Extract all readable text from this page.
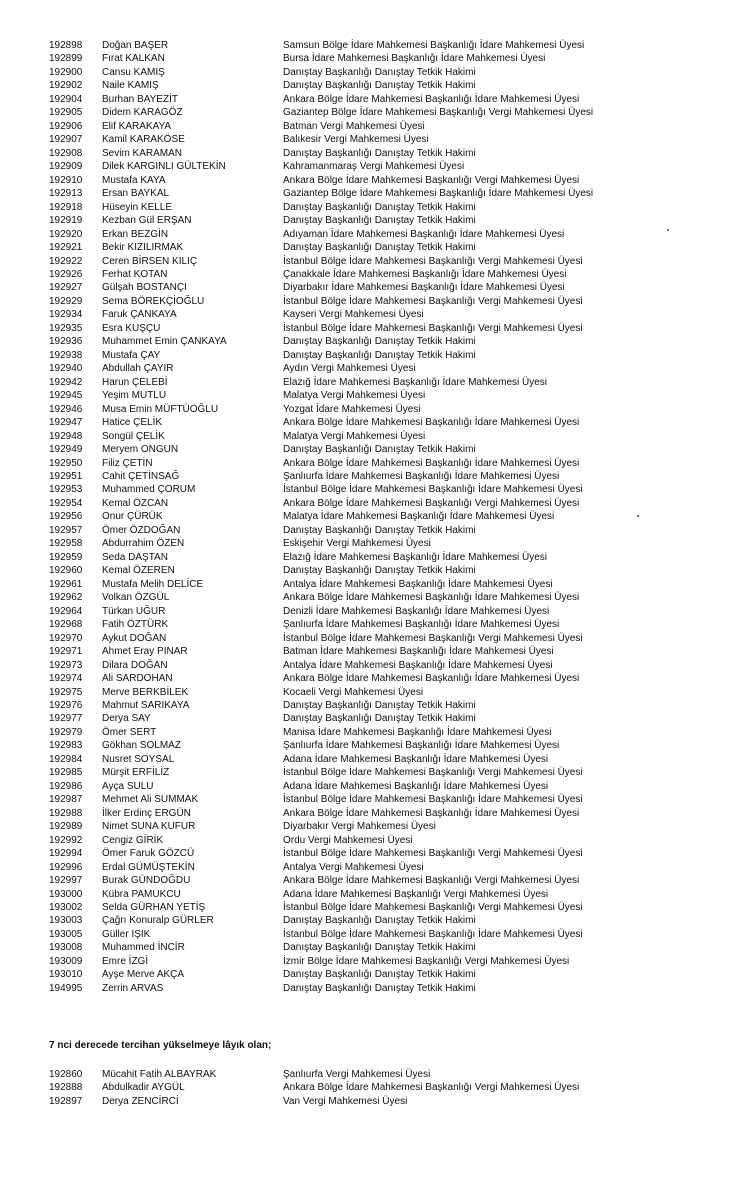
192898 Doğan BAŞER	Samsun Bölge İdare Mahkemesi Başkanlığı İdare Mahkemesi Üyesi
192899 Fırat KALKAN	Bursa İdare Mahkemesi Başkanlığı İdare Mahkemesi Üyesi
192900 Cansu KAMIŞ	Danıştay Başkanlığı Danıştay Tetkik Hakimi
192902 Naile KAMIŞ	Danıştay Başkanlığı Danıştay Tetkik Hakimi
192904 Burhan BAYEZİT	Ankara Bölge İdare Mahkemesi Başkanlığı İdare Mahkemesi Üyesi
192905 Didem KARAGÖZ	Gaziantep Bölge İdare Mahkemesi Başkanlığı Vergi Mahkemesi Üyesi
192906 Elif KARAKAYA	Batman Vergi Mahkemesi Üyesi
192907 Kamil KARAKÖSE	Balıkesir Vergi Mahkemesi Üyesi
192908 Sevim KARAMAN	Danıştay Başkanlığı Danıştay Tetkik Hakimi
192909 Dilek KARGINLI GÜLTEKİN	Kahramanmaraş Vergi Mahkemesi Üyesi
192910 Mustafa KAYA	Ankara Bölge İdare Mahkemesi Başkanlığı Vergi Mahkemesi Üyesi
192913 Ersan BAYKAL	Gaziantep Bölge İdare Mahkemesi Başkanlığı İdare Mahkemesi Üyesi
192918 Hüseyin KELLE	Danıştay Başkanlığı Danıştay Tetkik Hakimi
192919 Kezban Gül ERŞAN	Danıştay Başkanlığı Danıştay Tetkik Hakimi
192920 Erkan BEZGİN	Adıyaman İdare Mahkemesi Başkanlığı İdare Mahkemesi Üyesi
192921 Bekir KIZILIRMAK	Danıştay Başkanlığı Danıştay Tetkik Hakimi
192922 Ceren BİRSEN KILIÇ	İstanbul Bölge İdare Mahkemesi Başkanlığı Vergi Mahkemesi Üyesi
192926 Ferhat KOTAN	Çanakkale İdare Mahkemesi Başkanlığı İdare Mahkemesi Üyesi
192927 Gülşah BOSTANÇI	Diyarbakır İdare Mahkemesi Başkanlığı İdare Mahkemesi Üyesi
192929 Sema BÖREKÇİOĞLU	İstanbul Bölge İdare Mahkemesi Başkanlığı Vergi Mahkemesi Üyesi
192934 Faruk ÇANKAYA	Kayseri Vergi Mahkemesi Üyesi
192935 Esra KUŞÇU	İstanbul Bölge İdare Mahkemesi Başkanlığı Vergi Mahkemesi Üyesi
192936 Muhammet Emin ÇANKAYA	Danıştay Başkanlığı Danıştay Tetkik Hakimi
192938 Mustafa ÇAY	Danıştay Başkanlığı Danıştay Tetkik Hakimi
192940 Abdullah ÇAYIR	Aydın Vergi Mahkemesi Üyesi
192942 Harun ÇELEBİ	Elazığ İdare Mahkemesi Başkanlığı İdare Mahkemesi Üyesi
192945 Yeşim MUTLU	Malatya Vergi Mahkemesi Üyesi
192946 Musa Emin MÜFTÜOĞLU	Yozgat İdare Mahkemesi Üyesi
192947 Hatice ÇELİK	Ankara Bölge İdare Mahkemesi Başkanlığı İdare Mahkemesi Üyesi
192948 Songül ÇELİK	Malatya Vergi Mahkemesi Üyesi
192949 Meryem ONGUN	Danıştay Başkanlığı Danıştay Tetkik Hakimi
192950 Filiz ÇETİN	Ankara Bölge İdare Mahkemesi Başkanlığı İdare Mahkemesi Üyesi
192951 Cahit ÇETİNSAĞ	Şanlıurfa İdare Mahkemesi Başkanlığı İdare Mahkemesi Üyesi
192953 Muhammed ÇORUM	İstanbul Bölge İdare Mahkemesi Başkanlığı İdare Mahkemesi Üyesi
192954 Kemal ÖZCAN	Ankara Bölge İdare Mahkemesi Başkanlığı Vergi Mahkemesi Üyesi
192956 Onur ÇÜRÜK	Malatya İdare Mahkemesi Başkanlığı İdare Mahkemesi Üyesi
192957 Ömer ÖZDOĞAN	Danıştay Başkanlığı Danıştay Tetkik Hakimi
192958 Abdurrahim ÖZEN	Eskişehir Vergi Mahkemesi Üyesi
192959 Seda DAŞTAN	Elazığ İdare Mahkemesi Başkanlığı İdare Mahkemesi Üyesi
192960 Kemal ÖZEREN	Danıştay Başkanlığı Danıştay Tetkik Hakimi
192961 Mustafa Melih DELİCE	Antalya İdare Mahkemesi Başkanlığı İdare Mahkemesi Üyesi
192962 Volkan ÖZGÜL	Ankara Bölge İdare Mahkemesi Başkanlığı İdare Mahkemesi Üyesi
192964 Türkan UĞUR	Denizli İdare Mahkemesi Başkanlığı İdare Mahkemesi Üyesi
192968 Fatih ÖZTÜRK	Şanlıurfa İdare Mahkemesi Başkanlığı İdare Mahkemesi Üyesi
192970 Aykut DOĞAN	İstanbul Bölge İdare Mahkemesi Başkanlığı Vergi Mahkemesi Üyesi
192971 Ahmet Eray PINAR	Batman İdare Mahkemesi Başkanlığı İdare Mahkemesi Üyesi
192973 Dilara DOĞAN	Antalya İdare Mahkemesi Başkanlığı İdare Mahkemesi Üyesi
192974 Ali SARDOHAN	Ankara Bölge İdare Mahkemesi Başkanlığı İdare Mahkemesi Üyesi
192975 Merve BERKBİLEK	Kocaeli Vergi Mahkemesi Üyesi
192976 Mahmut SARIKAYA	Danıştay Başkanlığı Danıştay Tetkik Hakimi
192977 Derya SAY	Danıştay Başkanlığı Danıştay Tetkik Hakimi
192979 Ömer SERT	Manisa İdare Mahkemesi Başkanlığı İdare Mahkemesi Üyesi
192983 Gökhan SOLMAZ	Şanlıurfa İdare Mahkemesi Başkanlığı İdare Mahkemesi Üyesi
192984 Nusret SOYSAL	Adana İdare Mahkemesi Başkanlığı İdare Mahkemesi Üyesi
192985 Mürşit ERFİLİZ	İstanbul Bölge İdare Mahkemesi Başkanlığı Vergi Mahkemesi Üyesi
192986 Ayça SULU	Adana İdare Mahkemesi Başkanlığı İdare Mahkemesi Üyesi
192987 Mehmet Ali SUMMAK	İstanbul Bölge İdare Mahkemesi Başkanlığı İdare Mahkemesi Üyesi
192988 İlker Erdinç ERGÜN	Ankara Bölge İdare Mahkemesi Başkanlığı İdare Mahkemesi Üyesi
192989 Nimet SUNA KUFUR	Diyarbakır Vergi Mahkemesi Üyesi
192992 Cengiz GİRİK	Ordu Vergi Mahkemesi Üyesi
192994 Ömer Faruk GÖZCÜ	İstanbul Bölge İdare Mahkemesi Başkanlığı Vergi Mahkemesi Üyesi
192996 Erdal GÜMÜŞTEKİN	Antalya Vergi Mahkemesi Üyesi
192997 Burak GÜNDOĞDU	Ankara Bölge İdare Mahkemesi Başkanlığı Vergi Mahkemesi Üyesi
193000 Kübra PAMUKCU	Adana İdare Mahkemesi Başkanlığı Vergi Mahkemesi Üyesi
193002 Selda GÜRHAN YETİŞ	İstanbul Bölge İdare Mahkemesi Başkanlığı Vergi Mahkemesi Üyesi
193003 Çağrı Konuralp GÜRLER	Danıştay Başkanlığı Danıştay Tetkik Hakimi
193005 Güller IŞIK	İstanbul Bölge İdare Mahkemesi Başkanlığı İdare Mahkemesi Üyesi
193008 Muhammed İNCİR	Danıştay Başkanlığı Danıştay Tetkik Hakimi
193009 Emre İZGİ	İzmir Bölge İdare Mahkemesi Başkanlığı Vergi Mahkemesi Üyesi
193010 Ayşe Merve AKÇA	Danıştay Başkanlığı Danıştay Tetkik Hakimi
194995 Zerrin ARVAS	Danıştay Başkanlığı Danıştay Tetkik Hakimi
7 nci derecede tercihan yükselmeye lâyık olan;
192860 Mücahit Fatih ALBAYRAK	Şanlıurfa Vergi Mahkemesi Üyesi
192888 Abdulkadir AYGÜL	Ankara Bölge İdare Mahkemesi Başkanlığı Vergi Mahkemesi Üyesi
192897 Derya ZENCİRCİ	Van Vergi Mahkemesi Üyesi
